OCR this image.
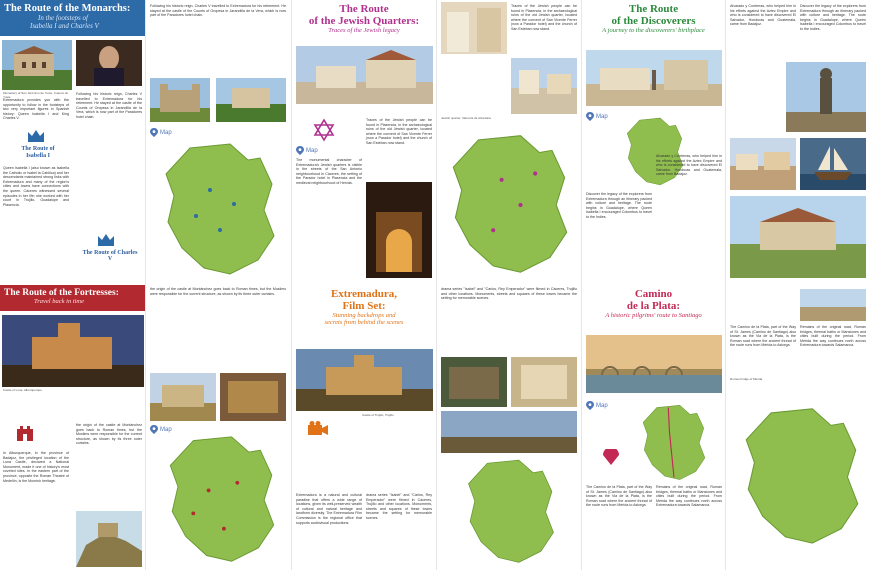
The Route of the Monarchs:
In the footsteps of
Isabella I and Charles V
Monastery of San Jerónimo de Yuste, Cuacos de Yuste

Extremadura provides you with the opportunity to follow in the footsteps of two very important figures in Spanish history: Queen Isabella I and King Charles V.

The Route of Isabella I

Queen Isabella I (also known as Isabella the Catholic or Isabel la Católica) and her descendants maintained strong links with Extremadura and many of the region's cities and towns have connections with the queen. Cáceres witnessed several episodes in her life; she worked with her court in Trujillo, Guadalupe and Plasencia.

Following his historic reign, Charles V travelled to Extremadura for his retirement. He stayed at the castle of the Counts of Oropesa in Jarandilla de la Vera, which is now part of the Paradores hotel chain.

The Route of Charles V

Following his historic reign, Charles V travelled to Extremadura for his retirement. He stayed at the castle of the Counts of Oropesa in Jarandilla de la Vera, which is now part of the Paradores hotel chain.

Map
The Route
of the Jewish Quarters:
Traces of the Jewish legacy
Map

Traces of the Jewish people can be found in Plasencia, in the archaeological ruins of the old Jewish quarter, located where the convent of San Vicente Ferrer (now a Parador hotel) and the church of San Esteban now stand.

The monumental character of Extremadura's Jewish quarters is visible in the streets of the San Antonio neighbourhood in Cáceres, the setting of the Parador hotel in Plasencia and the medieval neighbourhood of Hervás.

Traces of the Jewish people can be found in Plasencia, in the archaeological ruins of the old Jewish quarter, located where the convent of San Vicente Ferrer (now a Parador hotel) and the church of San Esteban now stand.

Jewish quarter, Valencia de Alcántara
The Route
of the Discoverers
A journey to the discoverers' birthplace
Map

Discover the legacy of the explorers from Extremadura through an itinerary packed with culture and heritage. The route begins in Guadalupe, where Queen Isabella I encouraged Columbus to travel to the Indies.

Alvarado y Contreras, who helped him in his efforts against the Aztec Empire and who is considered to have discovered El Salvador, Honduras and Guatemala, came from Badajoz.

Alvarado y Contreras, who helped him in his efforts against the Aztec Empire and who is considered to have discovered El Salvador, Honduras and Guatemala, came from Badajoz.

Discover the legacy of the explorers from Extremadura through an itinerary packed with culture and heritage. The route begins in Guadalupe, where Queen Isabella I encouraged Columbus to travel to the Indies.

The Route of the Fortresses:
Travel back in time
Castle of Luna, Alburquerque

In Alburquerque, in the province of Badajoz, the privileged location of the Luna Castle, declared a National Monument, made it one of history's most coveted sites. In the eastern part of the province, opposite the Roman Theatre of Medellín, is the Moorish heritage.

the origin of the castle at Montánchez goes back to Roman times, but the Muslims were responsible for the current structure, as shown by its three outer curtains.

the origin of the castle at Montánchez goes back to Roman times, but the Muslims were responsible for the current structure, as shown by its three outer curtains.

Map
Extremadura,
Film Set:
Stunning backdrops and
secrets from behind the scenes
Castle of Trujillo, Trujillo

Extremadura is a natural and cultural paradise that offers a wide range of locations, given its well-preserved wealth of cultural and natural heritage and landform diversity. The Extremadura Film Commission is the regional office that supports audiovisual productions.

drama series "Isabel" and "Carlos, Rey Emperador" were filmed in Cáceres, Trujillo and other locations. Monuments, streets and squares of these towns became the setting for memorable scenes.

drama series "Isabel" and "Carlos, Rey Emperador" were filmed in Cáceres, Trujillo and other locations. Monuments, streets and squares of these towns became the setting for memorable scenes.	Camino
de la Plata:
A historic pilgrims' route to Santiago
Map

The Camino de la Plata, part of the Way of St. James (Camino de Santiago) also known as the Via de la Plata, is the Roman road where the ancient thread of the route runs from Mérida to Astorga.

Remains of the original road, Roman bridges, thermal baths or Mansiones and cities built during the period. From Mérida the way continues north across Extremadura towards Salamanca.

The Camino de la Plata, part of the Way of St. James (Camino de Santiago) also known as the Via de la Plata, is the Roman road where the ancient thread of the route runs from Mérida to Astorga.

Remains of the original road, Roman bridges, thermal baths or Mansiones and cities built during the period. From Mérida the way continues north across Extremadura towards Salamanca.

Roman bridge of Mérida
